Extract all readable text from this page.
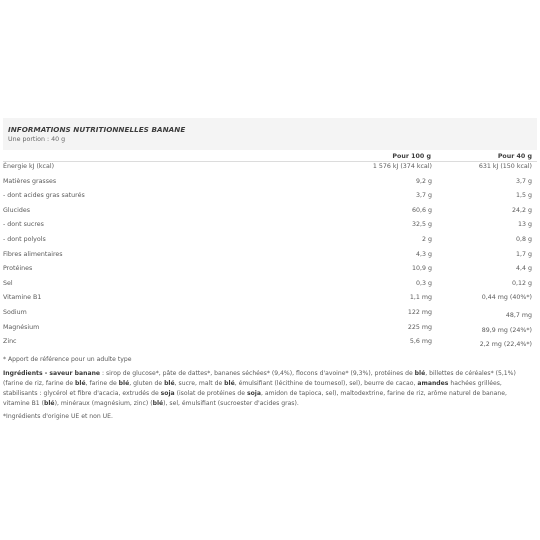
INFORMATIONS NUTRITIONNELLES BANANE
Une portion : 40 g
Pour 100 g	Pour 40 g
Énergie kJ (kcal)	1 576 kJ (374 kcal)	631 kJ (150 kcal)
Matières grasses	9,2 g	3,7 g
- dont acides gras saturés	3,7 g	1,5 g
Glucides	60,6 g	24,2 g
- dont sucres	32,5 g	13 g
- dont polyols	2 g	0,8 g
Fibres alimentaires	4,3 g	1,7 g
Protéines	10,9 g	4,4 g
Sel	0,3 g	0,12 g
Vitamine B1	1,1 mg	0,44 mg (40%*)
Sodium	122 mg	48,7 mg
Magnésium	225 mg	89,9 mg (24%*)
Zinc	5,6 mg	2,2 mg (22,4%*)
* Apport de référence pour un adulte type
Ingrédients - saveur banane : sirop de glucose*, pâte de dattes*, bananes séchées* (9,4%), flocons d'avoine* (9,3%), protéines de blé, billettes de céréales* (5,1%) (farine de riz, farine de blé, farine de blé, gluten de blé, sucre, malt de blé, émulsifiant (lécithine de tournesol), sel), beurre de cacao, amandes hachées grillées, stabilisants : glycérol et fibre d'acacia, extrudés de soja (isolat de protéines de soja, amidon de tapioca, sel), maltodextrine, farine de riz, arôme naturel de banane, vitamine B1 (blé), minéraux (magnésium, zinc) (blé), sel, émulsifiant (sucroester d'acides gras).
*Ingrédients d'origine UE et non UE.
